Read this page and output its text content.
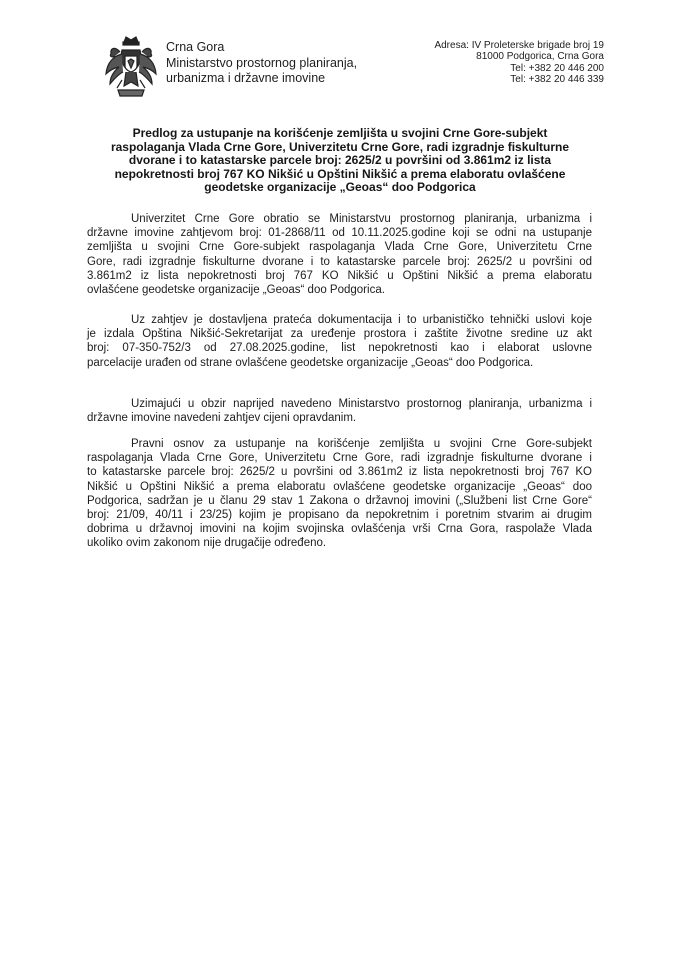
Crna Gora
Ministarstvo prostornog planiranja,
urbanizma i državne imovine
Adresa: IV Proleterske brigade broj 19
81000 Podgorica, Crna Gora
Tel: +382 20 446 200
Tel: +382 20 446 339
Predlog za ustupanje na korišćenje zemljišta u svojini Crne Gore-subjekt
raspolaganja Vlada Crne Gore, Univerzitetu Crne Gore, radi izgradnje fiskulturne
dvorane i to katastarske parcele broj: 2625/2 u površini od 3.861m2 iz lista
nepokretnosti broj 767 KO Nikšić u Opštini Nikšić a prema elaboratu ovlašćene
geodetske organizacije „Geoas“ doo Podgorica
Univerzitet Crne Gore obratio se Ministarstvu prostornog planiranja, urbanizma i
državne imovine zahtjevom broj: 01-2868/11 od 10.11.2025.godine koji se odni na ustupanje
zemljišta u svojini Crne Gore-subjekt raspolaganja Vlada Crne Gore, Univerzitetu Crne
Gore, radi izgradnje fiskulturne dvorane i to katastarske parcele broj: 2625/2 u površini od
3.861m2 iz lista nepokretnosti broj 767 KO Nikšić u Opštini Nikšić a prema elaboratu
ovlašćene geodetske organizacije „Geoas“ doo Podgorica.
Uz zahtjev je dostavljena prateća dokumentacija i to urbanističko tehnički uslovi koje
je izdala Opština Nikšić-Sekretarijat za uređenje prostora i zaštite životne sredine uz akt
broj: 07-350-752/3 od 27.08.2025.godine, list nepokretnosti kao i elaborat uslovne
parcelacije urađen od strane ovlašćene geodetske organizacije „Geoas“ doo Podgorica.
Uzimajući u obzir naprijed navedeno Ministarstvo prostornog planiranja, urbanizma i
državne imovine navedeni zahtjev cijeni opravdanim.
Pravni osnov za ustupanje na korišćenje zemljišta u svojini Crne Gore-subjekt
raspolaganja Vlada Crne Gore, Univerzitetu Crne Gore, radi izgradnje fiskulturne dvorane i
to katastarske parcele broj: 2625/2 u površini od 3.861m2 iz lista nepokretnosti broj 767 KO
Nikšić u Opštini Nikšić a prema elaboratu ovlašćene geodetske organizacije „Geoas“ doo
Podgorica, sadržan je u članu 29 stav 1 Zakona o državnoj imovini („Službeni list Crne Gore“
broj: 21/09, 40/11 i 23/25) kojim je propisano da nepokretnim i poretnim stvarim ai drugim
dobrima u državnoj imovini na kojim svojinska ovlašćenja vrši Crna Gora, raspolaže Vlada
ukoliko ovim zakonom nije drugačije određeno.
